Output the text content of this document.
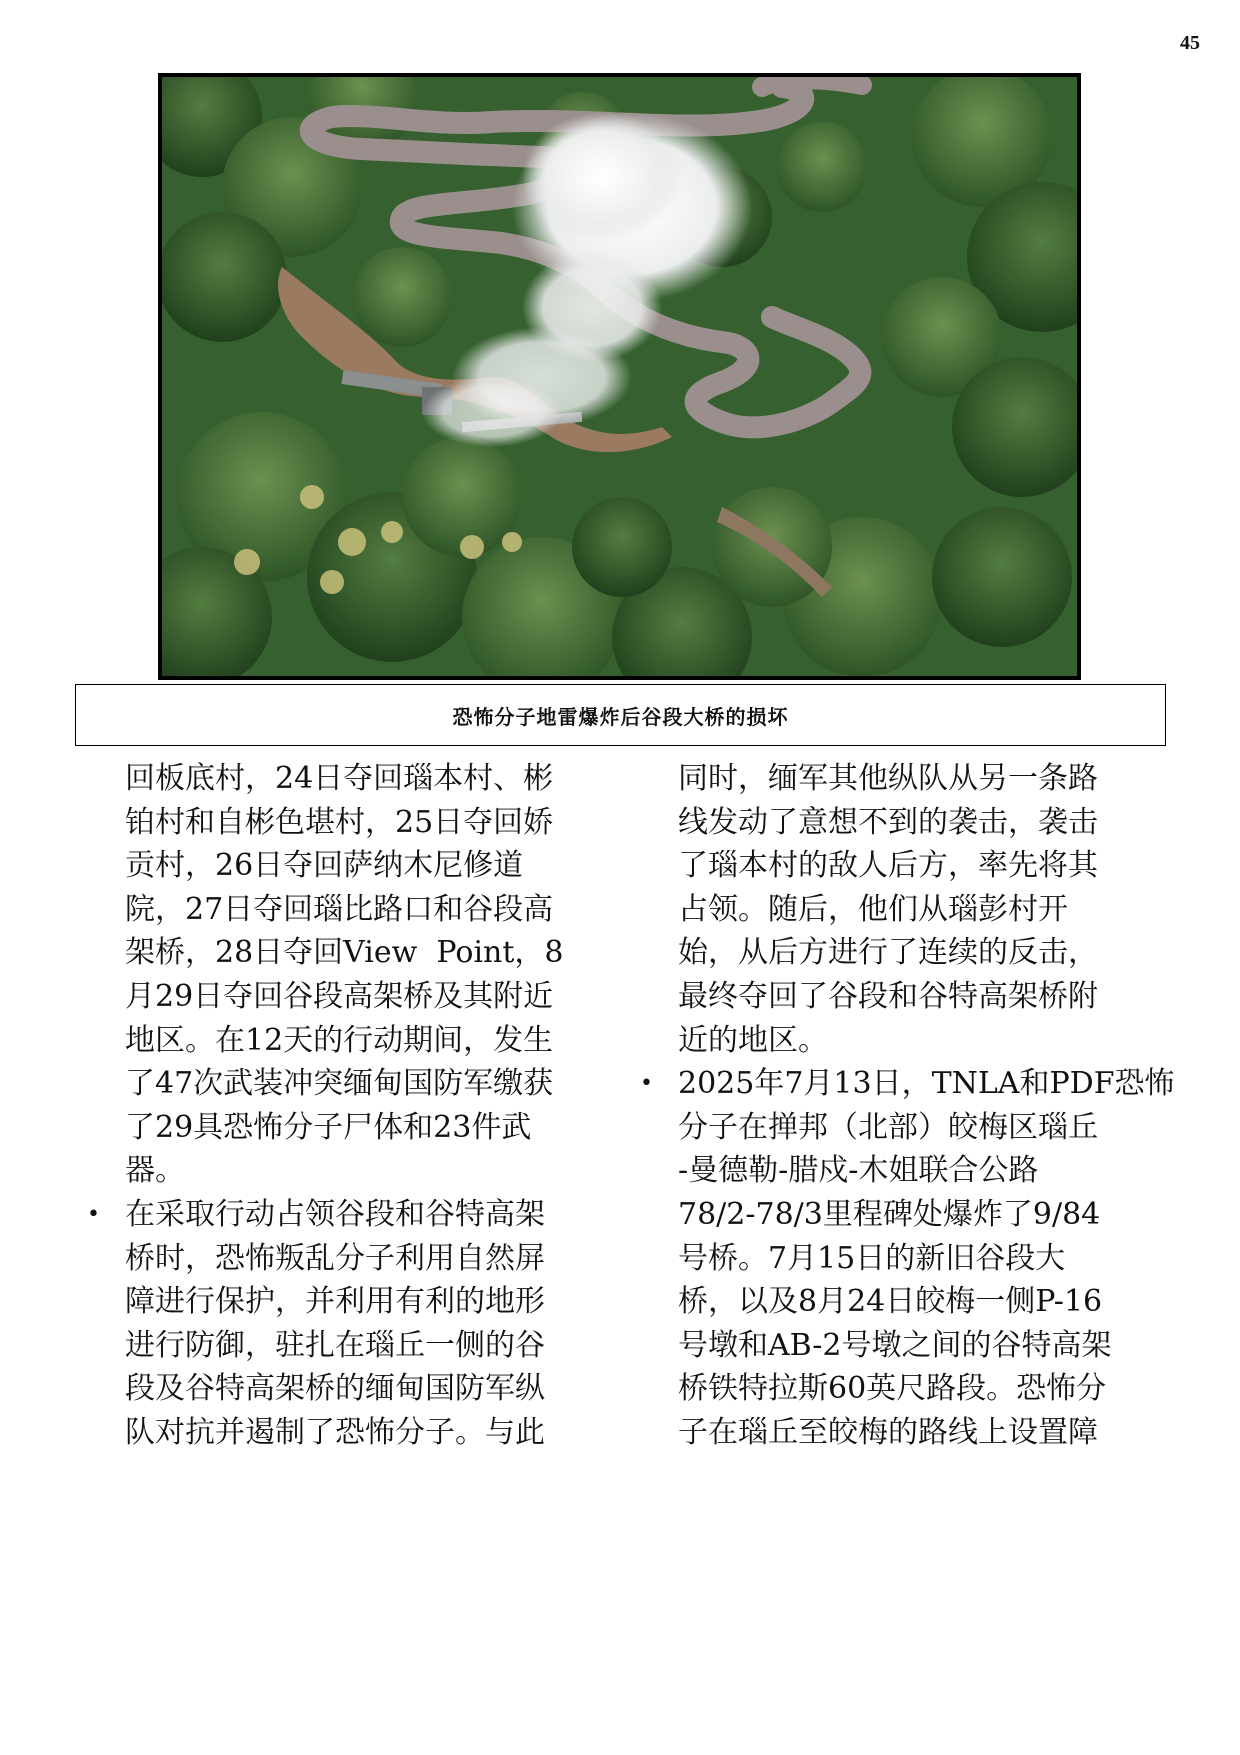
45
恐怖分子地雷爆炸后谷段大桥的损坏
回板底村，24日夺回瑙本村、彬
铂村和自彬色堪村，25日夺回娇
贡村，26日夺回萨纳木尼修道
院，27日夺回瑙比路口和谷段高
架桥，28日夺回View  Point，8
月29日夺回谷段高架桥及其附近
地区。在12天的行动期间，发生
了47次武装冲突缅甸国防军缴获
了29具恐怖分子尸体和23件武
器。
• 在采取行动占领谷段和谷特高架
桥时，恐怖叛乱分子利用自然屏
障进行保护，并利用有利的地形
进行防御，驻扎在瑙丘一侧的谷
段及谷特高架桥的缅甸国防军纵
队对抗并遏制了恐怖分子。与此
同时，缅军其他纵队从另一条路
线发动了意想不到的袭击，袭击
了瑙本村的敌人后方，率先将其
占领。随后，他们从瑙彭村开
始，从后方进行了连续的反击，
最终夺回了谷段和谷特高架桥附
近的地区。
• 2025年7月13日，TNLA和PDF恐怖
分子在掸邦（北部）皎梅区瑙丘
-曼德勒-腊戍-木姐联合公路
78/2-78/3里程碑处爆炸了9/84
号桥。7月15日的新旧谷段大
桥，以及8月24日皎梅一侧P-16
号墩和AB-2号墩之间的谷特高架
桥铁特拉斯60英尺路段。恐怖分
子在瑙丘至皎梅的路线上设置障
